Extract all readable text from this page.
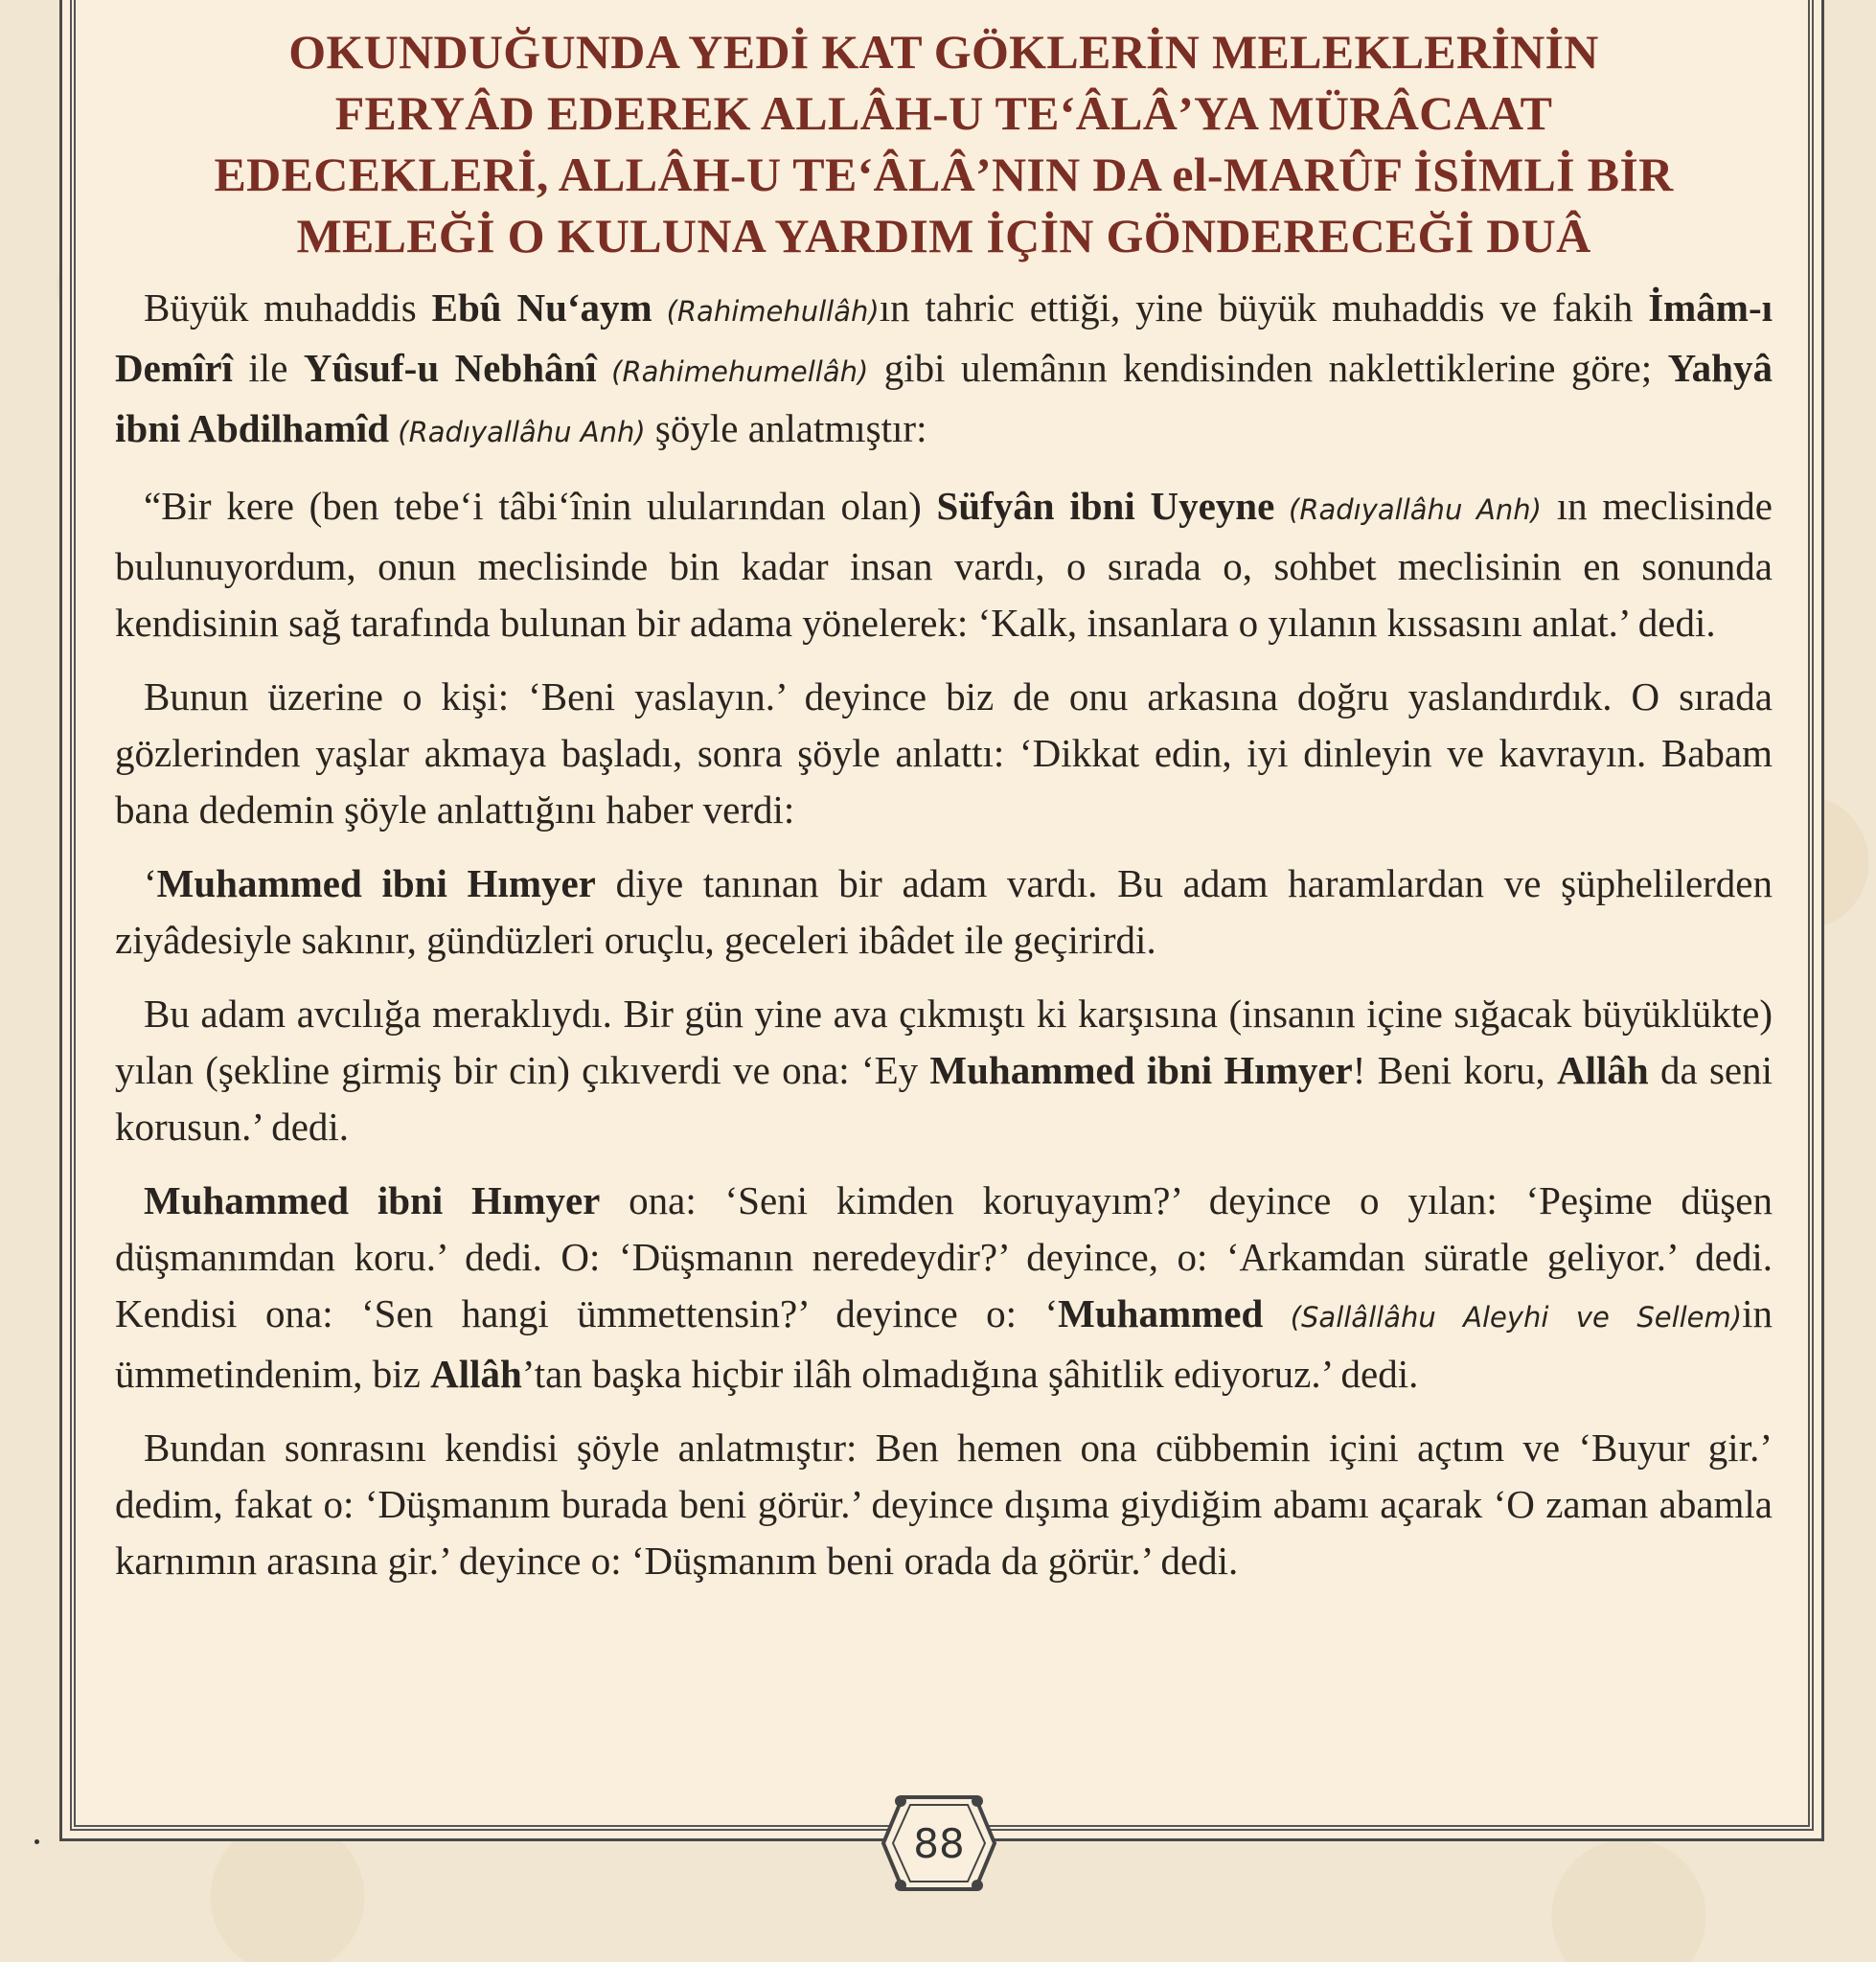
OKUNDUĞUNDA YEDİ KAT GÖKLERİN MELEKLERİNİN
FERYÂD EDEREK ALLÂH-U TE‘ÂLÂ’YA MÜRÂCAAT
EDECEKLERİ, ALLÂH-U TE‘ÂLÂ’NIN DA el-MARÛF İSİMLİ BİR
MELEĞİ O KULUNA YARDIM İÇİN GÖNDERECEĞİ DUÂ

Büyük muhaddis Ebû Nu‘aym (Rahimehullâh)ın tahric ettiği, yine büyük muhaddis ve fakih İmâm-ı Demîrî ile Yûsuf-u Nebhânî (Rahimehumellâh) gibi ulemânın kendisinden naklettiklerine göre; Yahyâ ibni Abdilhamîd (Radıyallâhu Anh) şöyle anlatmıştır:

“Bir kere (ben tebe‘i tâbi‘înin ulularından olan) Süfyân ibni Uyeyne (Radıyallâhu Anh) ın meclisinde bulunuyordum, onun meclisinde bin kadar insan vardı, o sırada o, sohbet meclisinin en sonunda kendisinin sağ tarafında bulunan bir adama yönelerek: ‘Kalk, insanlara o yılanın kıssasını anlat.’ dedi.

Bunun üzerine o kişi: ‘Beni yaslayın.’ deyince biz de onu arkasına doğru yaslandırdık. O sırada gözlerinden yaşlar akmaya başladı, sonra şöyle anlattı: ‘Dikkat edin, iyi dinleyin ve kavrayın. Babam bana dedemin şöyle anlattığını haber verdi:

‘Muhammed ibni Hımyer diye tanınan bir adam vardı. Bu adam haramlardan ve şüphelilerden ziyâdesiyle sakınır, gündüzleri oruçlu, geceleri ibâdet ile geçirirdi.

Bu adam avcılığa meraklıydı. Bir gün yine ava çıkmıştı ki karşısına (insanın içine sığacak büyüklükte) yılan (şekline girmiş bir cin) çıkıverdi ve ona: ‘Ey Muhammed ibni Hımyer! Beni koru, Allâh da seni korusun.’ dedi.

Muhammed ibni Hımyer ona: ‘Seni kimden koruyayım?’ deyince o yılan: ‘Peşime düşen düşmanımdan koru.’ dedi. O: ‘Düşmanın neredeydir?’ deyince, o: ‘Arkamdan süratle geliyor.’ dedi. Kendisi ona: ‘Sen hangi ümmettensin?’ deyince o: ‘Muhammed (Sallâllâhu Aleyhi ve Sellem)in ümmetindenim, biz Allâh’tan başka hiçbir ilâh olmadığına şâhitlik ediyoruz.’ dedi.

Bundan sonrasını kendisi şöyle anlatmıştır: Ben hemen ona cübbemin içini açtım ve ‘Buyur gir.’ dedim, fakat o: ‘Düşmanım burada beni görür.’ deyince dışıma giydiğim abamı açarak ‘O zaman abamla karnımın arasına gir.’ deyince o: ‘Düşmanım beni orada da görür.’ dedi.

88
